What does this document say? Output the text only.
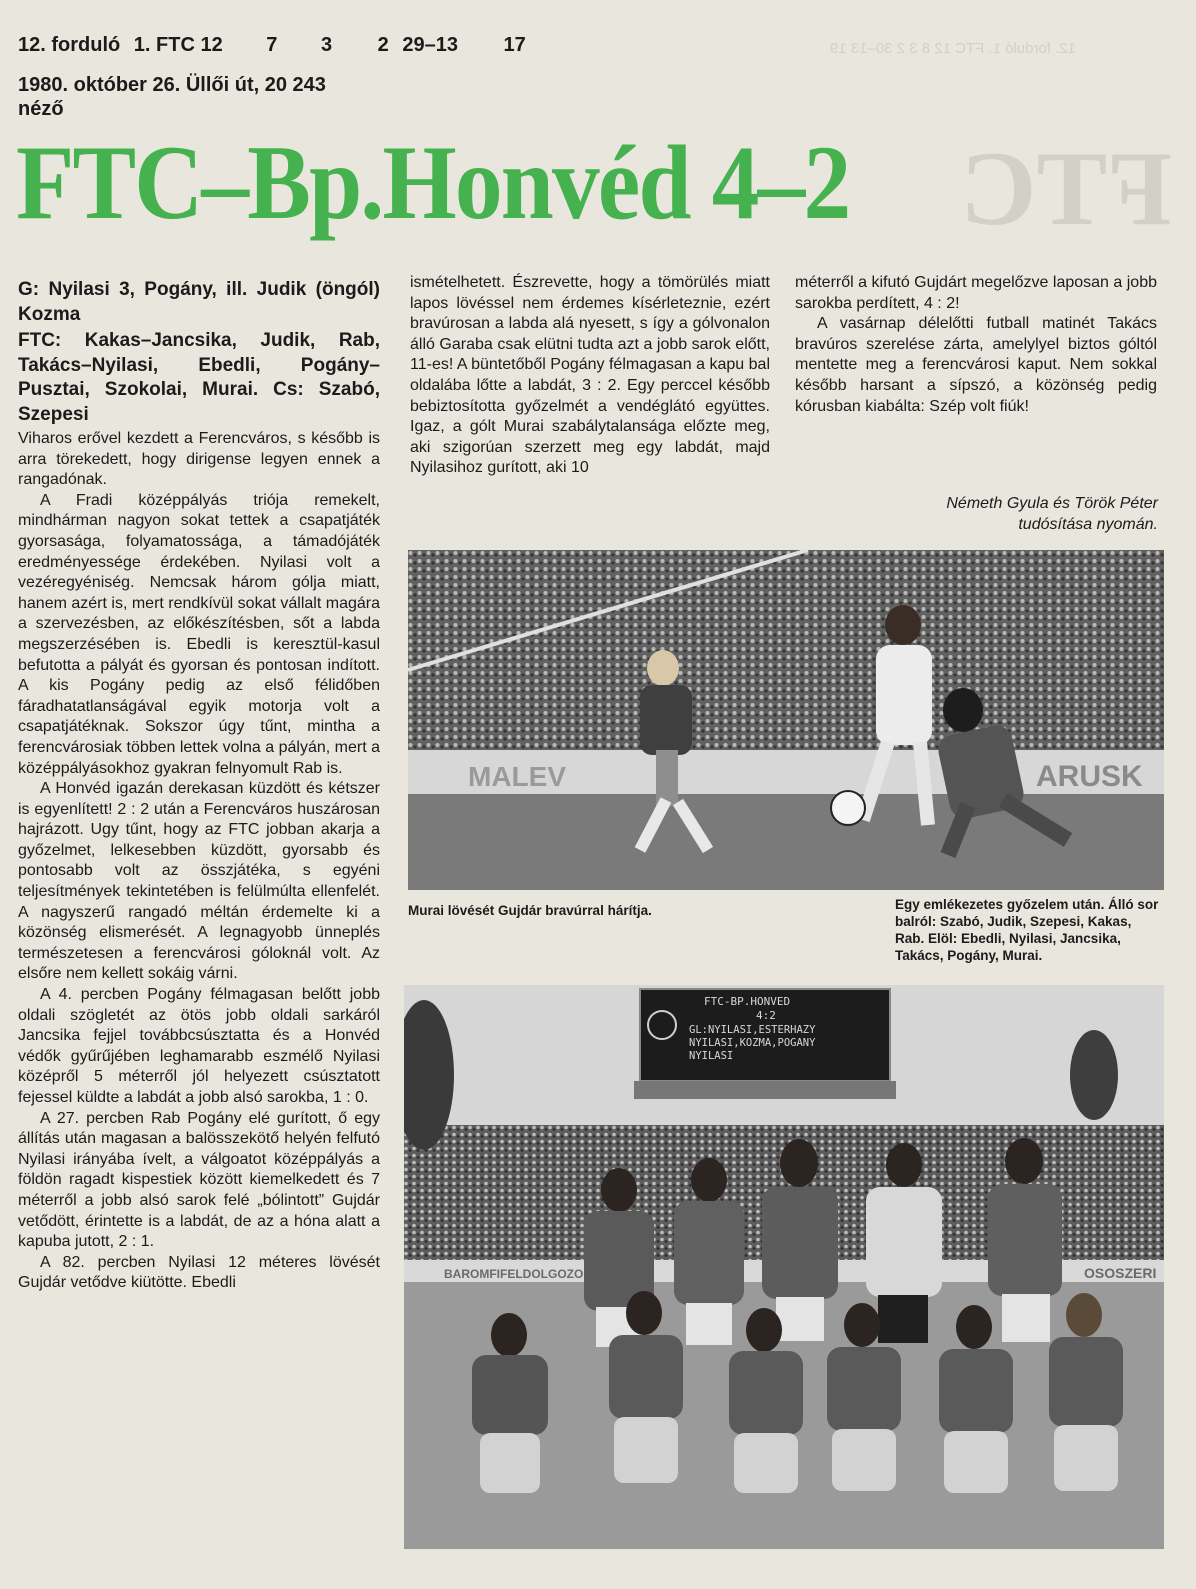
12. forduló 1. FTC 12 8 3 2 30–13 19
FTC
12. forduló 1. FTC 12 7 3 2 29–13 17
1980. október 26. Üllői út, 20 243
néző
FTC–Bp.Honvéd 4–2

G: Nyilasi 3, Pogány, ill. Judik (öngól) Kozma

FTC: Kakas–Jancsika, Judik, Rab, Takács–Nyilasi, Ebedli, Pogány–Pusztai, Szokolai, Murai. Cs: Szabó, Szepesi

Viharos erővel kezdett a Ferencváros, s később is arra törekedett, hogy dirigense legyen ennek a rangadónak.

A Fradi középpályás triója remekelt, mindhárman nagyon sokat tettek a csapatjáték gyorsasága, folyamatossága, a támadójáték eredményessége érdekében. Nyilasi volt a vezéregyéniség. Nemcsak három gólja miatt, hanem azért is, mert rendkívül sokat vállalt magára a szervezésben, az előkészítésben, sőt a labda megszerzésében is. Ebedli is keresztül-kasul befutotta a pályát és gyorsan és pontosan indított. A kis Pogány pedig az első félidőben fáradhatatlanságával egyik motorja volt a csapatjátéknak. Sokszor úgy tűnt, mintha a ferencvárosiak többen lettek volna a pályán, mert a középpályásokhoz gyakran felnyomult Rab is.

A Honvéd igazán derekasan küzdött és kétszer is egyenlített! 2 : 2 után a Ferencváros huszárosan hajrázott. Ugy tűnt, hogy az FTC jobban akarja a győzelmet, lelkesebben küzdött, gyorsabb és pontosabb volt az összjátéka, s egyéni teljesítmények tekintetében is felülmúlta ellenfelét. A nagyszerű rangadó méltán érdemelte ki a közönség elismerését. A legnagyobb ünneplés természetesen a ferencvárosi góloknál volt. Az elsőre nem kellett sokáig várni.

A 4. percben Pogány félmagasan belőtt jobb oldali szögletét az ötös jobb oldali sarkáról Jancsika fejjel továbbcsúsztatta és a Honvéd védők gyűrűjében leghamarabb eszmélő Nyilasi középről 5 méterről jól helyezett csúsztatott fejessel küldte a labdát a jobb alsó sarokba, 1 : 0.

A 27. percben Rab Pogány elé gurított, ő egy állítás után magasan a balösszekötő helyén felfutó Nyilasi irányába ívelt, a válgoatot középpályás a földön ragadt kispestiek között kiemelkedett és 7 méterről a jobb alsó sarok felé „bólintott” Gujdár vetődött, érintette is a labdát, de az a hóna alatt a kapuba jutott, 2 : 1.

A 82. percben Nyilasi 12 méteres lövését Gujdár vetődve kiütötte. Ebedli

ismételhetett. Észrevette, hogy a tömörülés miatt lapos lövéssel nem érdemes kísérleteznie, ezért bravúrosan a labda alá nyesett, s így a gólvonalon álló Garaba csak elütni tudta azt a jobb sarok előtt, 11-es! A büntetőből Pogány félmagasan a kapu bal oldalába lőtte a labdát, 3 : 2. Egy perccel később bebiztosította győzelmét a vendéglátó együttes. Igaz, a gólt Murai szabálytalansága előzte meg, aki szigorúan szerzett meg egy labdát, majd Nyilasihoz gurított, aki 10

méterről a kifutó Gujdárt megelőzve laposan a jobb sarokba perdített, 4 : 2!

A vasárnap délelőtti futball matinét Takács bravúros szerelése zárta, amelylyel biztos góltól mentette meg a ferencvárosi kaput. Nem sokkal később harsant a sípszó, a közönség pedig kórusban kiabálta: Szép volt fiúk!

Németh Gyula és Török Péter
tudósítása nyomán.
MALEV	ARUSK
Murai lövését Gujdár bravúrral hárítja.	Egy emlékezetes győzelem után. Álló sor balról: Szabó, Judik, Szepesi, Kakas, Rab. Elöl: Ebedli, Nyilasi, Jancsika, Takács, Pogány, Murai.
BAROMFIFELDOLGOZO	OSOSZERI
FTC-BP.HONVED
4:2
GL:NYILASI,ESTERHAZY
NYILASI,KOZMA,POGANY
NYILASI
